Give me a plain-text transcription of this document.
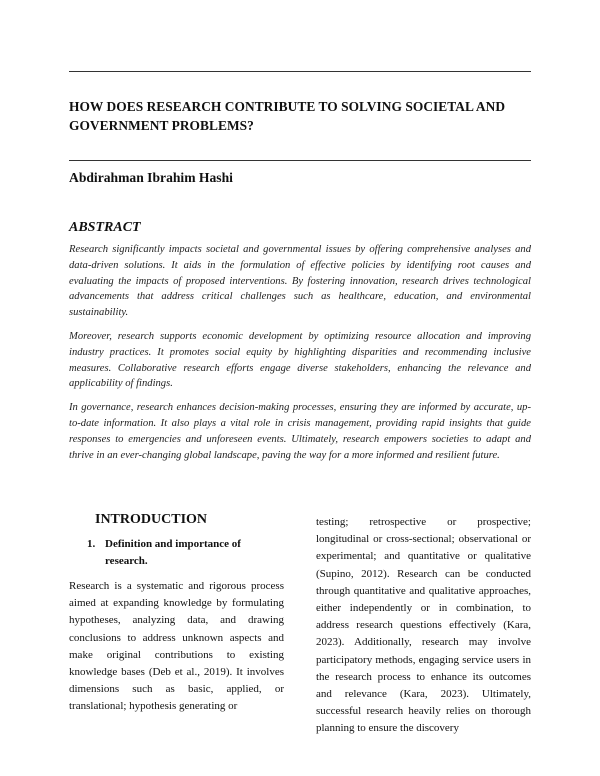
HOW DOES RESEARCH CONTRIBUTE TO SOLVING SOCIETAL AND GOVERNMENT PROBLEMS?
Abdirahman Ibrahim Hashi
ABSTRACT

Research significantly impacts societal and governmental issues by offering comprehensive analyses and data-driven solutions. It aids in the formulation of effective policies by identifying root causes and evaluating the impacts of proposed interventions. By fostering innovation, research drives technological advancements that address critical challenges such as healthcare, education, and environmental sustainability.

Moreover, research supports economic development by optimizing resource allocation and improving industry practices. It promotes social equity by highlighting disparities and recommending inclusive measures. Collaborative research efforts engage diverse stakeholders, enhancing the relevance and applicability of findings.

In governance, research enhances decision-making processes, ensuring they are informed by accurate, up-to-date information. It also plays a vital role in crisis management, providing rapid insights that guide responses to emergencies and unforeseen events. Ultimately, research empowers societies to adapt and thrive in an ever-changing global landscape, paving the way for a more informed and resilient future.

INTRODUCTION
1. Definition and importance of research.
Research is a systematic and rigorous process aimed at expanding knowledge by formulating hypotheses, analyzing data, and drawing conclusions to address unknown aspects and make original contributions to existing knowledge bases (Deb et al., 2019). It involves dimensions such as basic, applied, or translational; hypothesis generating or
testing; retrospective or prospective; longitudinal or cross-sectional; observational or experimental; and quantitative or qualitative (Supino, 2012). Research can be conducted through quantitative and qualitative approaches, either independently or in combination, to address research questions effectively (Kara, 2023). Additionally, research may involve participatory methods, engaging service users in the research process to enhance its outcomes and relevance (Kara, 2023). Ultimately, successful research heavily relies on thorough planning to ensure the discovery
